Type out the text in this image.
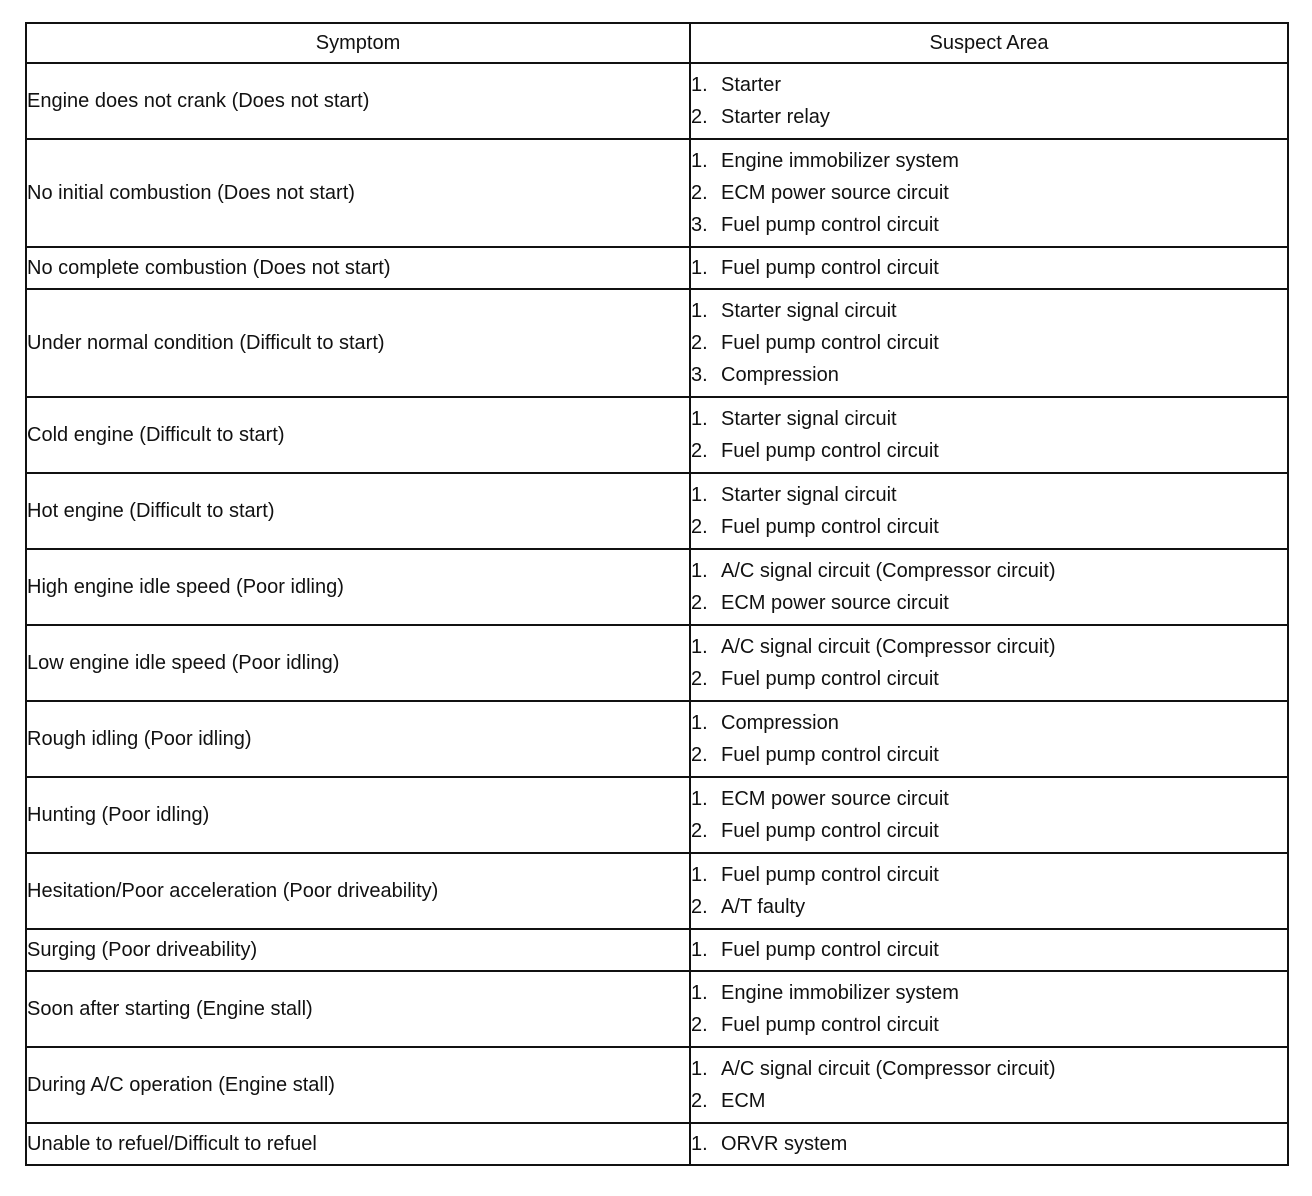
Symptom	Suspect Area
Engine does not crank (Does not start)	1. Starter
2. Starter relay

No initial combustion (Does not start)	1. Engine immobilizer system
2. ECM power source circuit
3. Fuel pump control circuit

No complete combustion (Does not start)	1. Fuel pump control circuit

Under normal condition (Difficult to start)	1. Starter signal circuit
2. Fuel pump control circuit
3. Compression

Cold engine (Difficult to start)	1. Starter signal circuit
2. Fuel pump control circuit

Hot engine (Difficult to start)	1. Starter signal circuit
2. Fuel pump control circuit

High engine idle speed (Poor idling)	1. A/C signal circuit (Compressor circuit)
2. ECM power source circuit

Low engine idle speed (Poor idling)	1. A/C signal circuit (Compressor circuit)
2. Fuel pump control circuit

Rough idling (Poor idling)	1. Compression
2. Fuel pump control circuit

Hunting (Poor idling)	1. ECM power source circuit
2. Fuel pump control circuit

Hesitation/Poor acceleration (Poor driveability)	1. Fuel pump control circuit
2. A/T faulty

Surging (Poor driveability)	1. Fuel pump control circuit

Soon after starting (Engine stall)	1. Engine immobilizer system
2. Fuel pump control circuit

During A/C operation (Engine stall)	1. A/C signal circuit (Compressor circuit)
2. ECM

Unable to refuel/Difficult to refuel	1. ORVR system
